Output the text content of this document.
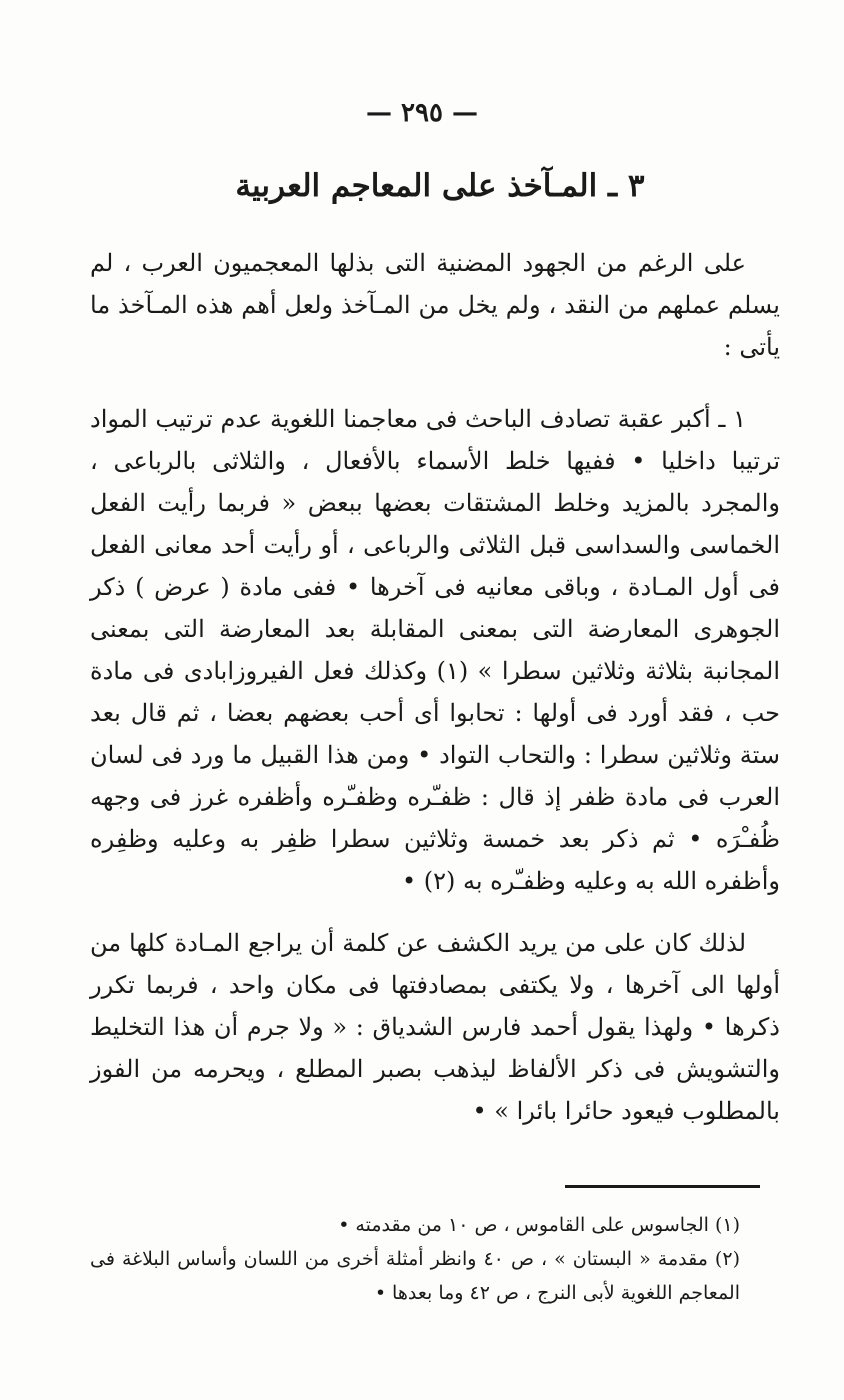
— ٢٩٥ —
٣ ـ المـآخذ على المعاجم العربية

على الرغم من الجهود المضنية التى بذلها المعجميون العرب ، لم يسلم عملهم من النقد ، ولم يخل من المـآخذ ولعل أهم هذه المـآخذ ما يأتى :

١ ـ أكبر عقبة تصادف الباحث فى معاجمنا اللغوية عدم ترتيب المواد ترتيبا داخليا • ففيها خلط الأسماء بالأفعال ، والثلاثى بالرباعى ، والمجرد بالمزيد وخلط المشتقات بعضها ببعض « فربما رأيت الفعل الخماسى والسداسى قبل الثلاثى والرباعى ، أو رأيت أحد معانى الفعل فى أول المـادة ، وباقى معانيه فى آخرها • ففى مادة ( عرض ) ذكر الجوهرى المعارضة التى بمعنى المقابلة بعد المعارضة التى بمعنى المجانبة بثلاثة وثلاثين سطرا » (١) وكذلك فعل الفيروزابادى فى مادة حب ، فقد أورد فى أولها : تحابوا أى أحب بعضهم بعضا ، ثم قال بعد ستة وثلاثين سطرا : والتحاب التواد • ومن هذا القبيل ما ورد فى لسان العرب فى مادة ظفر إذ قال : ظفـّره وظفـّره وأظفره غرز فى وجهه ظُفـْرَه • ثم ذكر بعد خمسة وثلاثين سطرا ظفِر به وعليه وظفِره وأظفره الله به وعليه وظفـّره به (٢) •

لذلك كان على من يريد الكشف عن كلمة أن يراجع المـادة كلها من أولها الى آخرها ، ولا يكتفى بمصادفتها فى مكان واحد ، فربما تكرر ذكرها • ولهذا يقول أحمد فارس الشدياق : « ولا جرم أن هذا التخليط والتشويش فى ذكر الألفاظ ليذهب بصبر المطلع ، ويحرمه من الفوز بالمطلوب فيعود حائرا بائرا » •

(١) الجاسوس على القاموس ، ص ١٠ من مقدمته •

(٢) مقدمة « البستان » ، ص ٤٠ وانظر أمثلة أخرى من اللسان وأساس البلاغة فى المعاجم اللغوية لأبى النرج ، ص ٤٢ وما بعدها •
